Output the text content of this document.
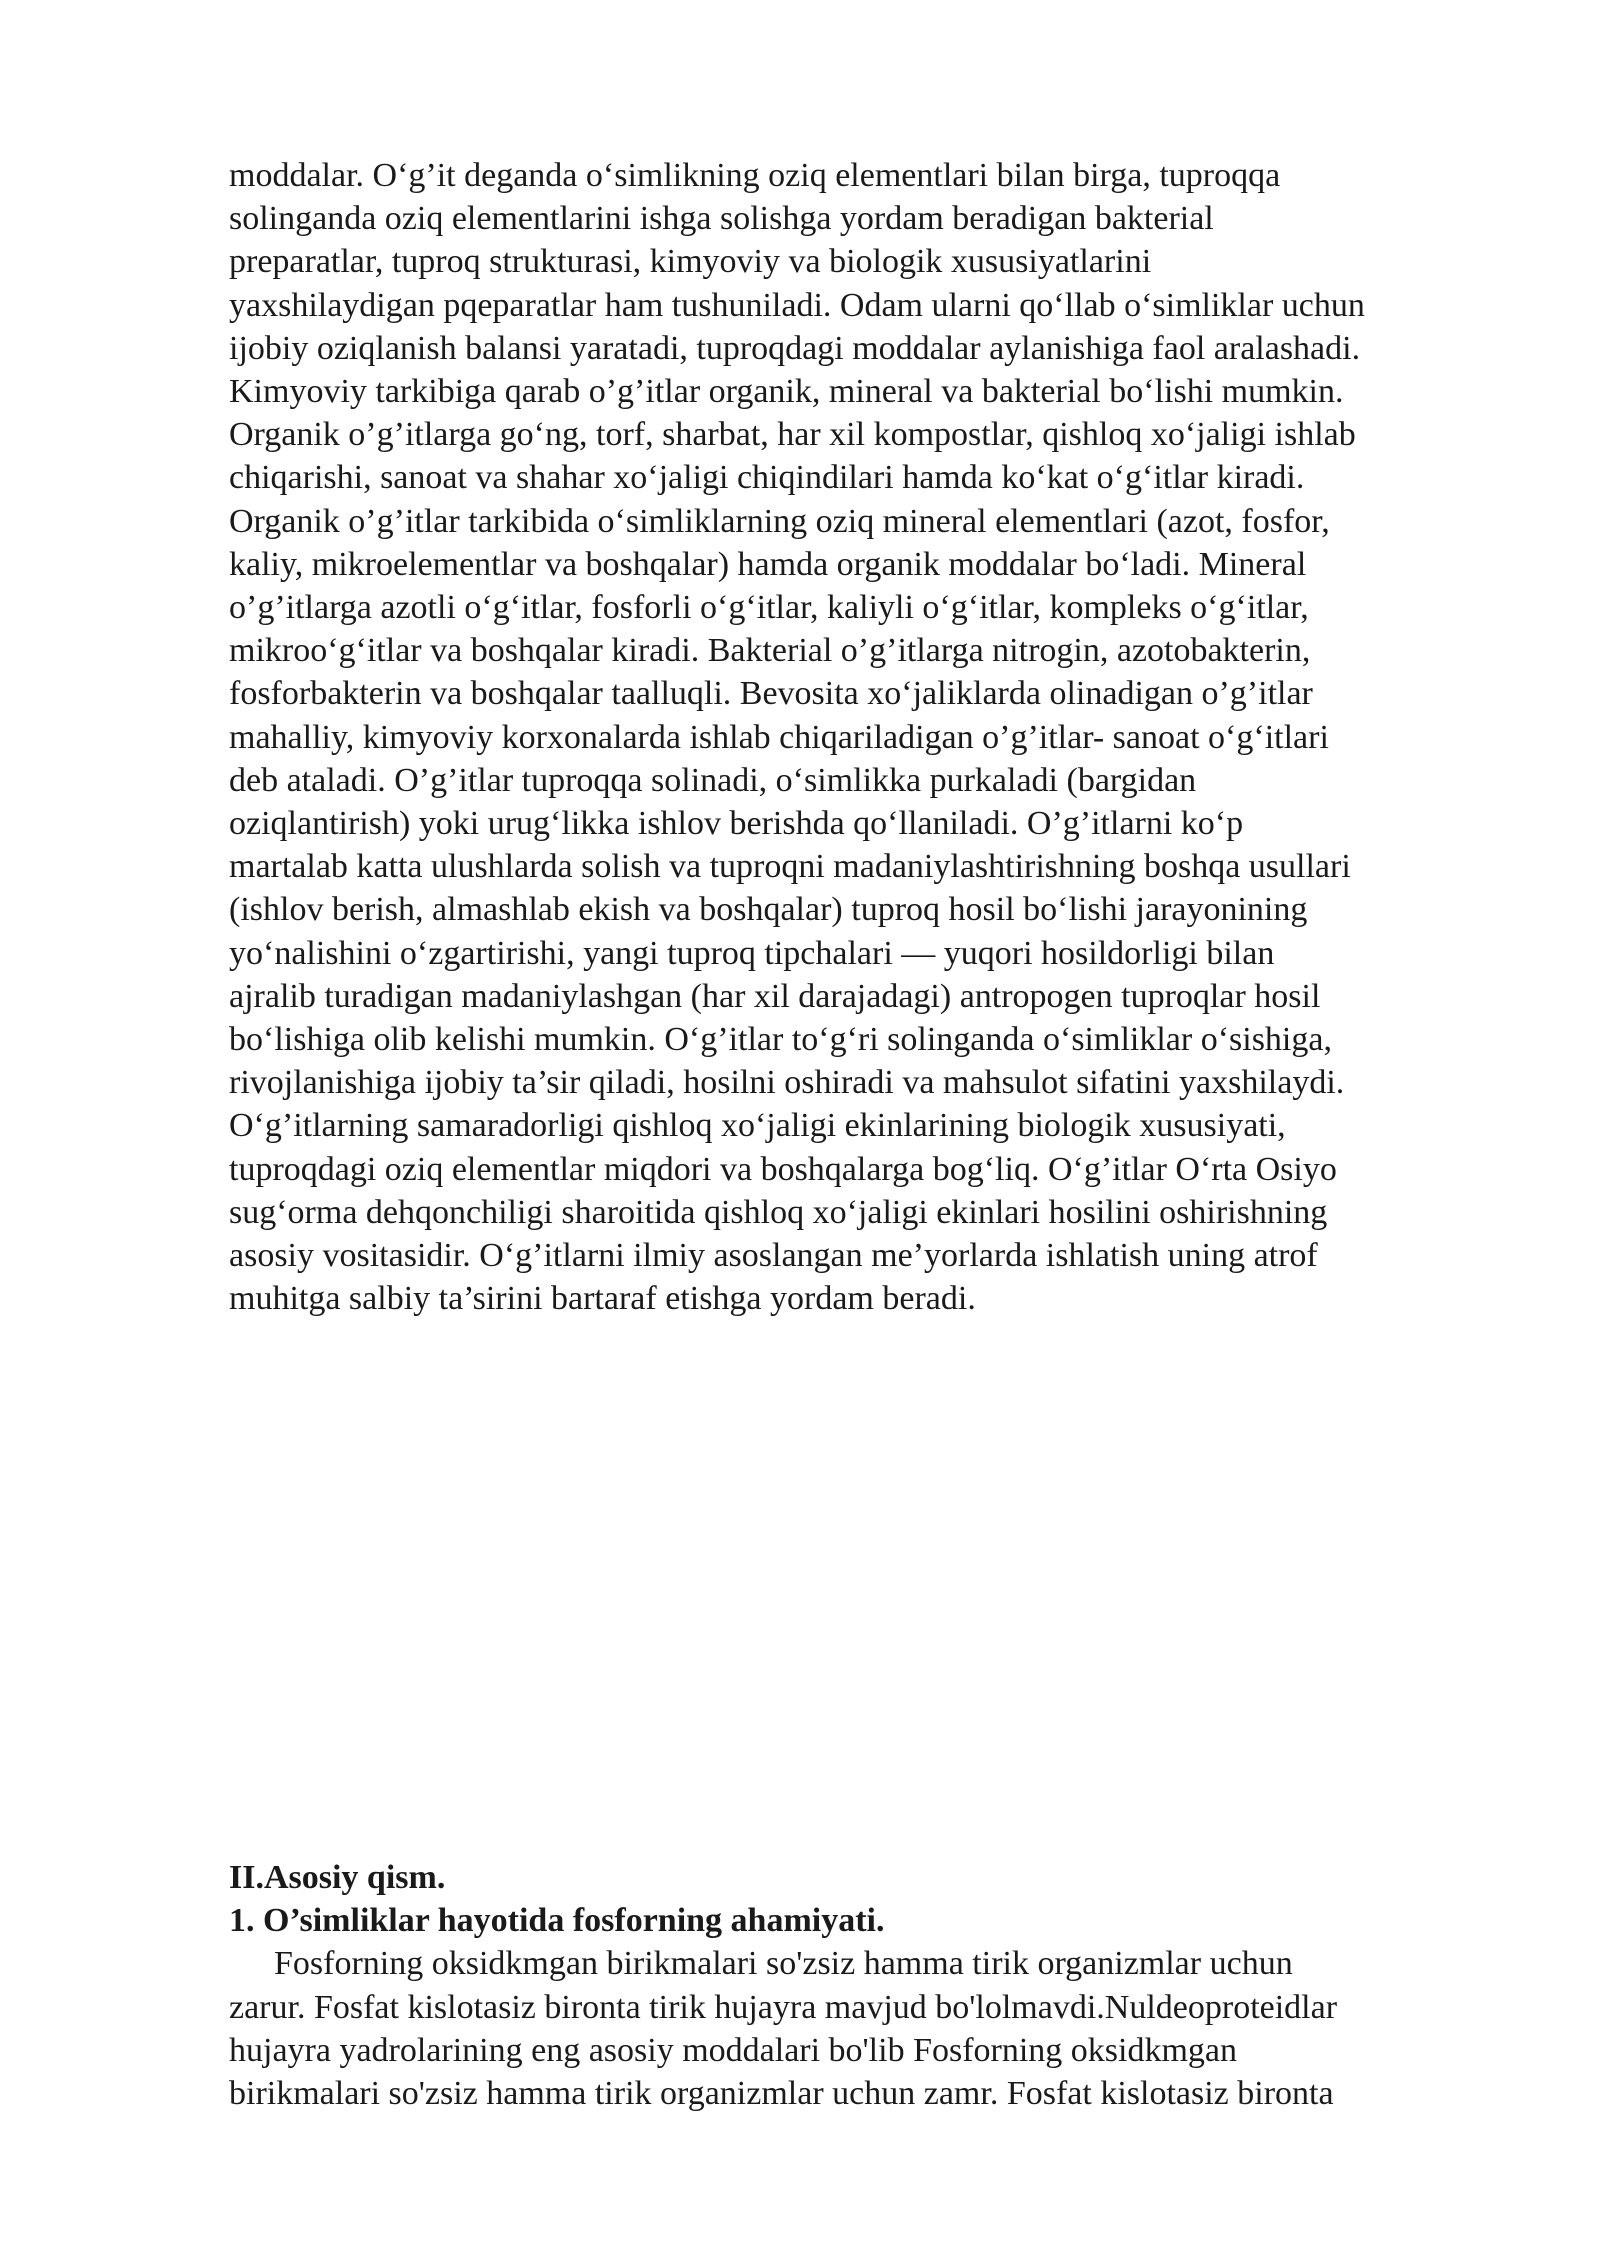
moddalar. O‘g’it deganda o‘simlikning oziq elementlari bilan birga, tuproqqa
solinganda oziq elementlarini ishga solishga yordam beradigan bakterial
preparatlar, tuproq strukturasi, kimyoviy va biologik xususiyatlarini
yaxshilaydigan pqeparatlar ham tushuniladi. Odam ularni qo‘llab o‘simliklar uchun
ijobiy oziqlanish balansi yaratadi, tuproqdagi moddalar aylanishiga faol aralashadi.
Kimyoviy tarkibiga qarab o’g’itlar organik, mineral va bakterial bo‘lishi mumkin.
Organik o’g’itlarga go‘ng, torf, sharbat, har xil kompostlar, qishloq xo‘jaligi ishlab
chiqarishi, sanoat va shahar xo‘jaligi chiqindilari hamda ko‘kat o‘g‘itlar kiradi.
Organik o’g’itlar tarkibida o‘simliklarning oziq mineral elementlari (azot, fosfor,
kaliy, mikroelementlar va boshqalar) hamda organik moddalar bo‘ladi. Mineral
o’g’itlarga azotli o‘g‘itlar, fosforli o‘g‘itlar, kaliyli o‘g‘itlar, kompleks o‘g‘itlar,
mikroo‘g‘itlar va boshqalar kiradi. Bakterial o’g’itlarga nitrogin, azotobakterin,
fosforbakterin va boshqalar taalluqli. Bevosita xo‘jaliklarda olinadigan o’g’itlar
mahalliy, kimyoviy korxonalarda ishlab chiqariladigan o’g’itlar- sanoat o‘g‘itlari
deb ataladi. O’g’itlar tuproqqa solinadi, o‘simlikka purkaladi (bargidan
oziqlantirish) yoki urug‘likka ishlov berishda qo‘llaniladi. O’g’itlarni ko‘p
martalab katta ulushlarda solish va tuproqni madaniylashtirishning boshqa usullari
(ishlov berish, almashlab ekish va boshqalar) tuproq hosil bo‘lishi jarayonining
yo‘nalishini o‘zgartirishi, yangi tuproq tipchalari — yuqori hosildorligi bilan
ajralib turadigan madaniylashgan (har xil darajadagi) antropogen tuproqlar hosil
bo‘lishiga olib kelishi mumkin. O‘g’itlar to‘g‘ri solinganda o‘simliklar o‘sishiga,
rivojlanishiga ijobiy ta’sir qiladi, hosilni oshiradi va mahsulot sifatini yaxshilaydi.
O‘g’itlarning samaradorligi qishloq xo‘jaligi ekinlarining biologik xususiyati,
tuproqdagi oziq elementlar miqdori va boshqalarga bog‘liq. O‘g’itlar O‘rta Osiyo
sug‘orma dehqonchiligi sharoitida qishloq xo‘jaligi ekinlari hosilini oshirishning
asosiy vositasidir. O‘g’itlarni ilmiy asoslangan me’yorlarda ishlatish uning atrof
muhitga salbiy ta’sirini bartaraf etishga yordam beradi.
II.Asosiy qism.
1. O’simliklar hayotida fosforning ahamiyati.
Fosforning oksidkmgan birikmalari so'zsiz hamma tirik organizmlar uchun
zarur. Fosfat kislotasiz bironta tirik hujayra mavjud bo'lolmavdi.Nuldeoproteidlar
hujayra yadrolarining eng asosiy moddalari bo'lib Fosforning oksidkmgan
birikmalari so'zsiz hamma tirik organizmlar uchun zamr. Fosfat kislotasiz bironta
